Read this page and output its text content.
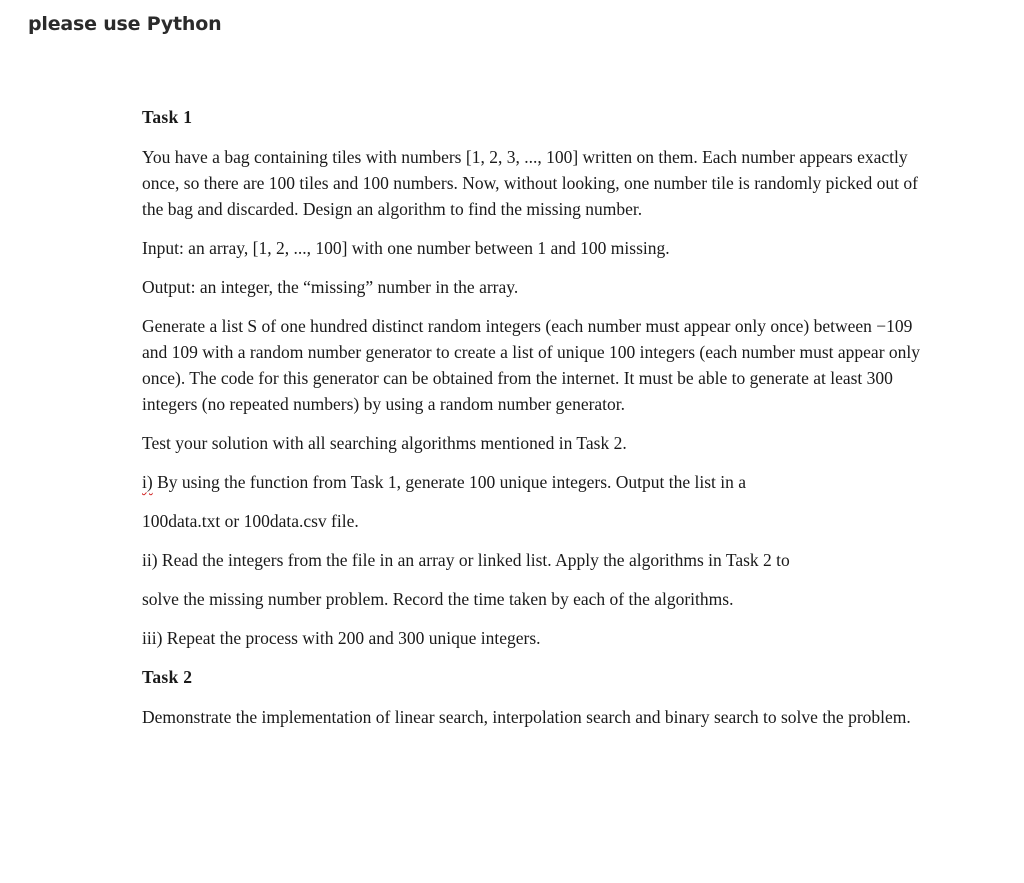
please use Python

Task 1

You have a bag containing tiles with numbers [1, 2, 3, ..., 100] written on them. Each number appears exactly once, so there are 100 tiles and 100 numbers. Now, without looking, one number tile is randomly picked out of the bag and discarded. Design an algorithm to find the missing number.

Input: an array, [1, 2, ..., 100] with one number between 1 and 100 missing.

Output: an integer, the “missing” number in the array.

Generate a list S of one hundred distinct random integers (each number must appear only once) between −109 and 109 with a random number generator to create a list of unique 100 integers (each number must appear only once). The code for this generator can be obtained from the internet. It must be able to generate at least 300 integers (no repeated numbers) by using a random number generator.

Test your solution with all searching algorithms mentioned in Task 2.

i) By using the function from Task 1, generate 100 unique integers. Output the list in a

100data.txt or 100data.csv file.

ii) Read the integers from the file in an array or linked list. Apply the algorithms in Task 2 to

solve the missing number problem. Record the time taken by each of the algorithms.

iii) Repeat the process with 200 and 300 unique integers.

Task 2

Demonstrate the implementation of linear search, interpolation search and binary search to solve the problem.
